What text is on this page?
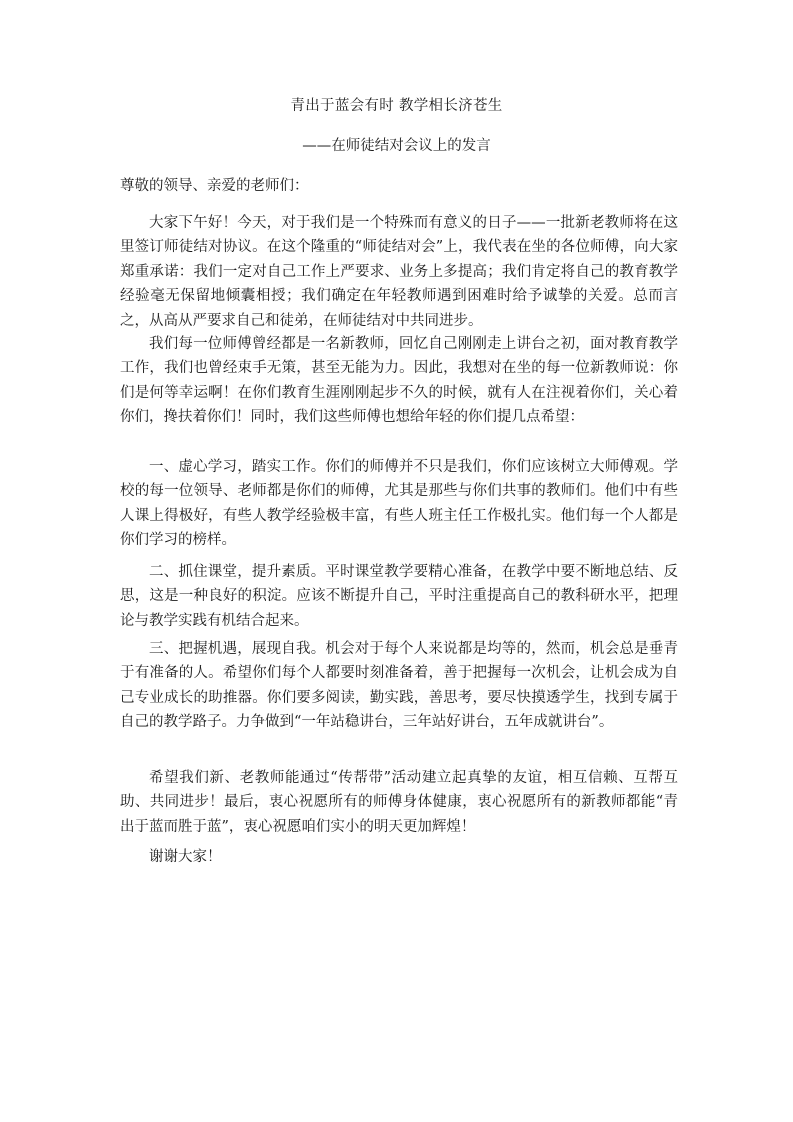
青出于蓝会有时 教学相长济苍生
——在师徒结对会议上的发言
尊敬的领导、亲爱的老师们：

大家下午好！今天，对于我们是一个特殊而有意义的日子——一批新老教师将在这里签订师徒结对协议。在这个隆重的“师徒结对会”上，我代表在坐的各位师傅，向大家郑重承诺：我们一定对自己工作上严要求、业务上多提高；我们肯定将自己的教育教学经验毫无保留地倾囊相授；我们确定在年轻教师遇到困难时给予诚挚的关爱。总而言之，从高从严要求自己和徒弟，在师徒结对中共同进步。

我们每一位师傅曾经都是一名新教师，回忆自己刚刚走上讲台之初，面对教育教学工作，我们也曾经束手无策，甚至无能为力。因此，我想对在坐的每一位新教师说：你们是何等幸运啊！在你们教育生涯刚刚起步不久的时候，就有人在注视着你们，关心着你们，搀扶着你们！同时，我们这些师傅也想给年轻的你们提几点希望：

一、虚心学习，踏实工作。你们的师傅并不只是我们，你们应该树立大师傅观。学校的每一位领导、老师都是你们的师傅，尤其是那些与你们共事的教师们。他们中有些人课上得极好，有些人教学经验极丰富，有些人班主任工作极扎实。他们每一个人都是你们学习的榜样。

二、抓住课堂，提升素质。平时课堂教学要精心准备，在教学中要不断地总结、反思，这是一种良好的积淀。应该不断提升自己，平时注重提高自己的教科研水平，把理论与教学实践有机结合起来。

三、把握机遇，展现自我。机会对于每个人来说都是均等的，然而，机会总是垂青于有准备的人。希望你们每个人都要时刻准备着，善于把握每一次机会，让机会成为自己专业成长的助推器。你们要多阅读，勤实践，善思考，要尽快摸透学生，找到专属于自己的教学路子。力争做到“一年站稳讲台，三年站好讲台，五年成就讲台”。

希望我们新、老教师能通过“传帮带”活动建立起真挚的友谊，相互信赖、互帮互助、共同进步！最后，衷心祝愿所有的师傅身体健康，衷心祝愿所有的新教师都能“青出于蓝而胜于蓝”，衷心祝愿咱们实小的明天更加辉煌！

谢谢大家！
